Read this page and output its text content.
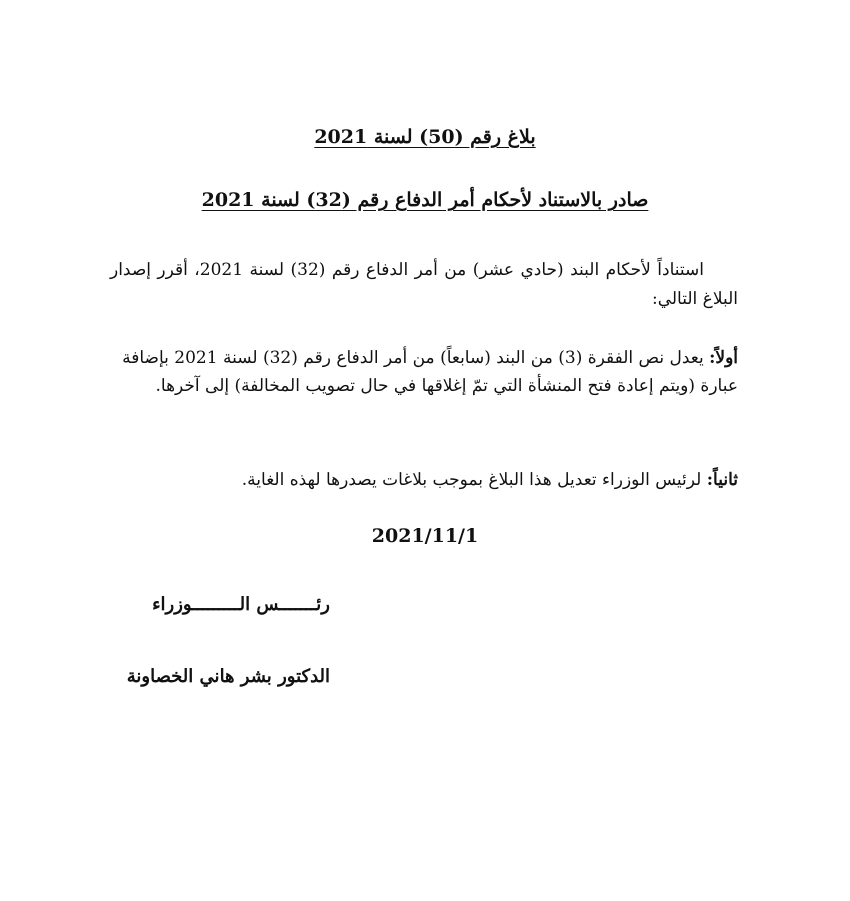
بلاغ رقم (50) لسنة 2021
صادر بالاستناد لأحكام أمر الدفاع رقم (32) لسنة 2021

استناداً لأحكام البند (حادي عشر) من أمر الدفاع رقم (32) لسنة 2021، أقرر إصدار البلاغ التالي:

أولاً: يعدل نص الفقرة (3) من البند (سابعاً) من أمر الدفاع رقم (32) لسنة 2021 بإضافة عبارة (ويتم إعادة فتح المنشأة التي تمّ إغلاقها في حال تصويب المخالفة) إلى آخرها.

ثانياً: لرئيس الوزراء تعديل هذا البلاغ بموجب بلاغات يصدرها لهذه الغاية.

2021/11/1

رئـــــــس الـــــــــوزراء

الدكتور بشر هاني الخصاونة
